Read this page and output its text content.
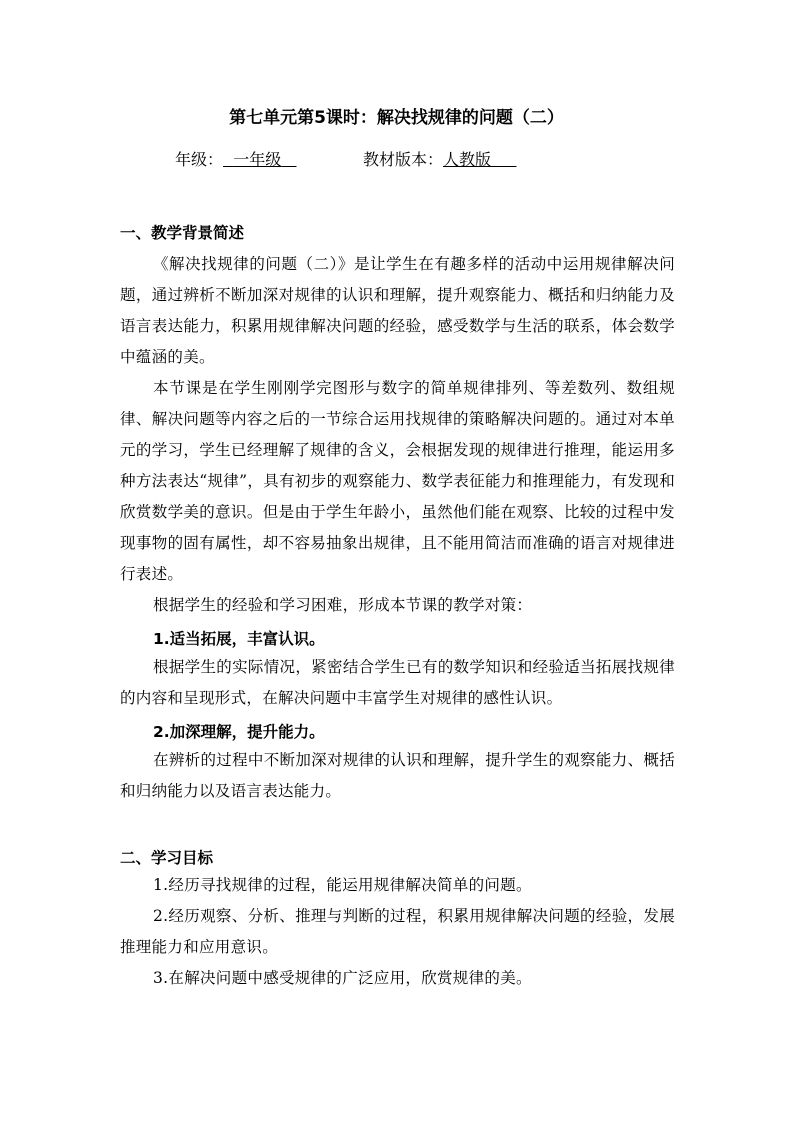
第七单元第5课时：解决找规律的问题（二）
年级： 一年级	教材版本：人教版
一、教学背景简述

《解决找规律的问题（二）》是让学生在有趣多样的活动中运用规律解决问题，通过辨析不断加深对规律的认识和理解，提升观察能力、概括和归纳能力及语言表达能力，积累用规律解决问题的经验，感受数学与生活的联系，体会数学中蕴涵的美。

本节课是在学生刚刚学完图形与数字的简单规律排列、等差数列、数组规律、解决问题等内容之后的一节综合运用找规律的策略解决问题的。通过对本单元的学习，学生已经理解了规律的含义，会根据发现的规律进行推理，能运用多种方法表达“规律”，具有初步的观察能力、数学表征能力和推理能力，有发现和欣赏数学美的意识。但是由于学生年龄小，虽然他们能在观察、比较的过程中发现事物的固有属性，却不容易抽象出规律，且不能用简洁而准确的语言对规律进行表述。

根据学生的经验和学习困难，形成本节课的教学对策：

1.适当拓展，丰富认识。

根据学生的实际情况，紧密结合学生已有的数学知识和经验适当拓展找规律的内容和呈现形式，在解决问题中丰富学生对规律的感性认识。

2.加深理解，提升能力。

在辨析的过程中不断加深对规律的认识和理解，提升学生的观察能力、概括和归纳能力以及语言表达能力。

二、学习目标

1.经历寻找规律的过程，能运用规律解决简单的问题。

2.经历观察、分析、推理与判断的过程，积累用规律解决问题的经验，发展推理能力和应用意识。

3.在解决问题中感受规律的广泛应用，欣赏规律的美。
